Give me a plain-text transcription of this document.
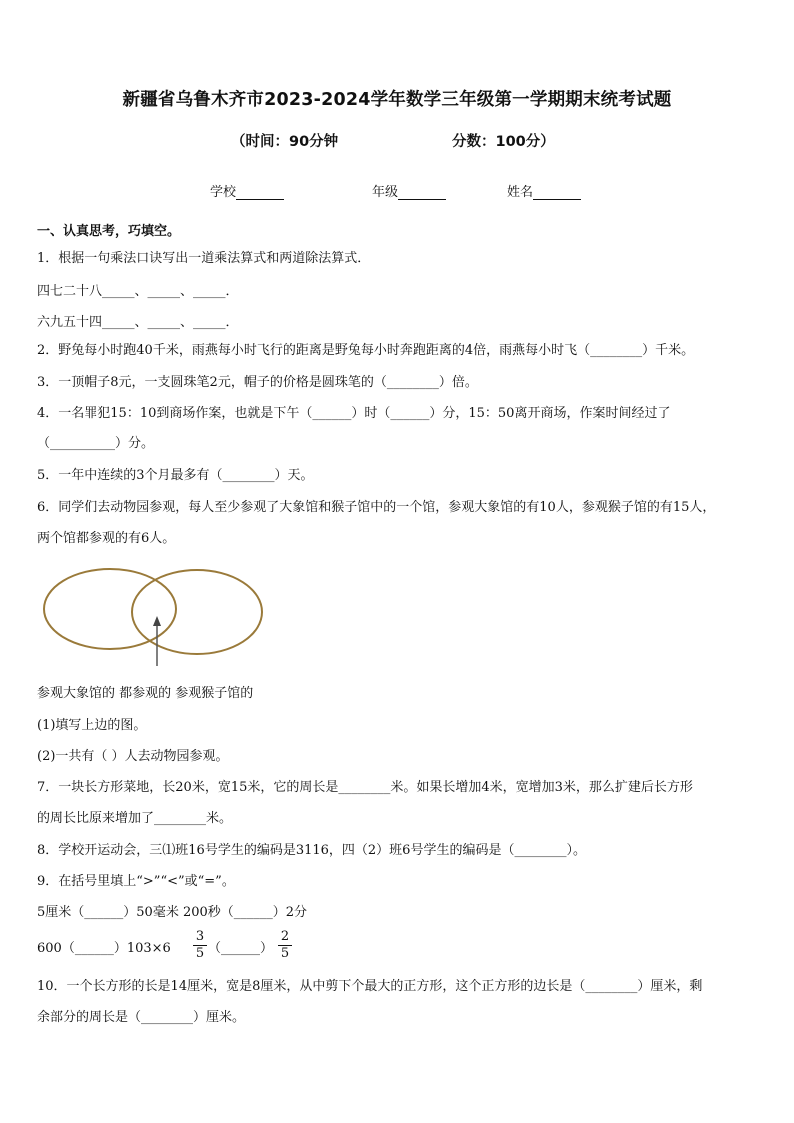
新疆省乌鲁木齐市2023-2024学年数学三年级第一学期期末统考试题
（时间：90分钟	分数：100分）
学校	年级	姓名
一、认真思考，巧填空。
1．根据一句乘法口诀写出一道乘法算式和两道除法算式．
四七二十八_____、_____、_____．
六九五十四_____、_____、_____．
2．野兔每小时跑40千米，雨燕每小时飞行的距离是野兔每小时奔跑距离的4倍，雨燕每小时飞（________）千米。
3．一顶帽子8元，一支圆珠笔2元，帽子的价格是圆珠笔的（________）倍。
4．一名罪犯15：10到商场作案，也就是下午（______）时（______）分，15：50离开商场，作案时间经过了
（__________）分。
5．一年中连续的3个月最多有（________）天。
6．同学们去动物园参观，每人至少参观了大象馆和猴子馆中的一个馆，参观大象馆的有10人，参观猴子馆的有15人，
两个馆都参观的有6人。
参观大象馆的 都参观的 参观猴子馆的
(1)填写上边的图。
(2)一共有（ ）人去动物园参观。
7．一块长方形菜地，长20米，宽15米，它的周长是________米。如果长增加4米，宽增加3米，那么扩建后长方形
的周长比原来增加了________米。
8．学校开运动会，三⑴班16号学生的编码是3116，四（2）班6号学生的编码是（________）。
9．在括号里填上“>”“<”或“=”。
5厘米（______）50毫米 200秒（______）2分
600（______）103×6 $\frac{3}{5}$ （______） $\frac{2}{5}$
10．一个长方形的长是14厘米，宽是8厘米，从中剪下个最大的正方形，这个正方形的边长是（________）厘米，剩
余部分的周长是（________）厘米。
